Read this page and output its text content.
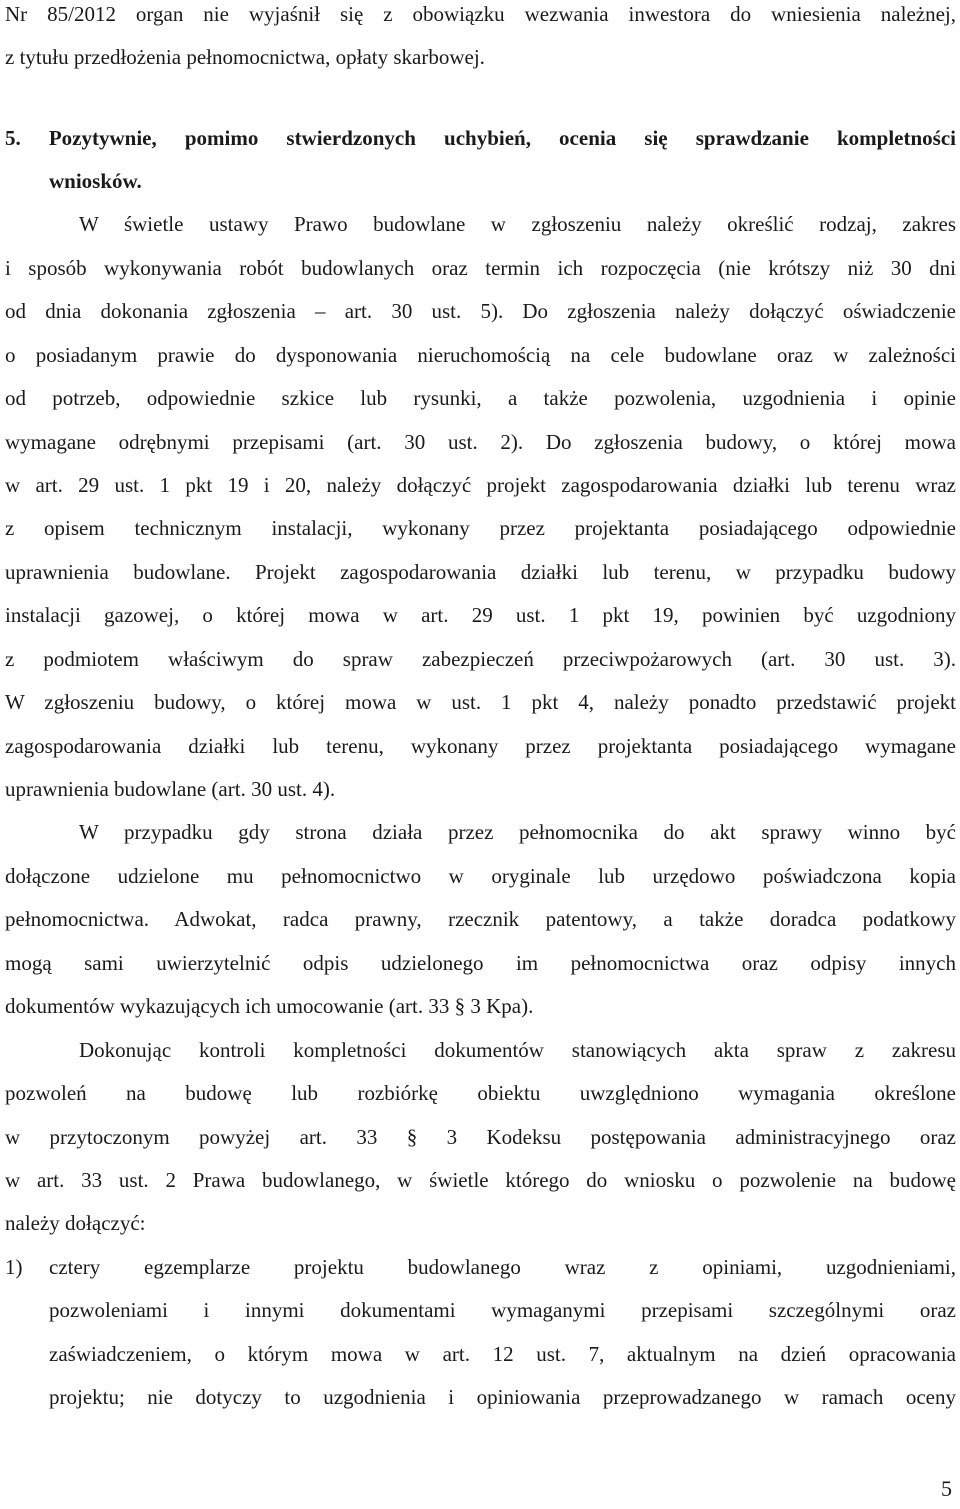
Nr 85/2012 organ nie wyjaśnił się z obowiązku wezwania inwestora do wniesienia należnej,
z tytułu przedłożenia pełnomocnictwa, opłaty skarbowej.
5. Pozytywnie, pomimo stwierdzonych uchybień, ocenia się sprawdzanie kompletności
wniosków.
W świetle ustawy Prawo budowlane w zgłoszeniu należy określić rodzaj, zakres
i sposób wykonywania robót budowlanych oraz termin ich rozpoczęcia (nie krótszy niż 30 dni
od dnia dokonania zgłoszenia – art. 30 ust. 5). Do zgłoszenia należy dołączyć oświadczenie
o posiadanym prawie do dysponowania nieruchomością na cele budowlane oraz w zależności
od potrzeb, odpowiednie szkice lub rysunki, a także pozwolenia, uzgodnienia i opinie
wymagane odrębnymi przepisami (art. 30 ust. 2). Do zgłoszenia budowy, o której mowa
w art. 29 ust. 1 pkt 19 i 20, należy dołączyć projekt zagospodarowania działki lub terenu wraz
z opisem technicznym instalacji, wykonany przez projektanta posiadającego odpowiednie
uprawnienia budowlane. Projekt zagospodarowania działki lub terenu, w przypadku budowy
instalacji gazowej, o której mowa w art. 29 ust. 1 pkt 19, powinien być uzgodniony
z podmiotem właściwym do spraw zabezpieczeń przeciwpożarowych (art. 30 ust. 3).
W zgłoszeniu budowy, o której mowa w ust. 1 pkt 4, należy ponadto przedstawić projekt
zagospodarowania działki lub terenu, wykonany przez projektanta posiadającego wymagane
uprawnienia budowlane (art. 30 ust. 4).
W przypadku gdy strona działa przez pełnomocnika do akt sprawy winno być
dołączone udzielone mu pełnomocnictwo w oryginale lub urzędowo poświadczona kopia
pełnomocnictwa. Adwokat, radca prawny, rzecznik patentowy, a także doradca podatkowy
mogą sami uwierzytelnić odpis udzielonego im pełnomocnictwa oraz odpisy innych
dokumentów wykazujących ich umocowanie (art. 33 § 3 Kpa).
Dokonując kontroli kompletności dokumentów stanowiących akta spraw z zakresu
pozwoleń na budowę lub rozbiórkę obiektu uwzględniono wymagania określone
w przytoczonym powyżej art. 33 § 3 Kodeksu postępowania administracyjnego oraz
w art. 33 ust. 2 Prawa budowlanego, w świetle którego do wniosku o pozwolenie na budowę
należy dołączyć:
1) cztery egzemplarze projektu budowlanego wraz z opiniami, uzgodnieniami,
pozwoleniami i innymi dokumentami wymaganymi przepisami szczególnymi oraz
zaświadczeniem, o którym mowa w art. 12 ust. 7, aktualnym na dzień opracowania
projektu; nie dotyczy to uzgodnienia i opiniowania przeprowadzanego w ramach oceny
5
